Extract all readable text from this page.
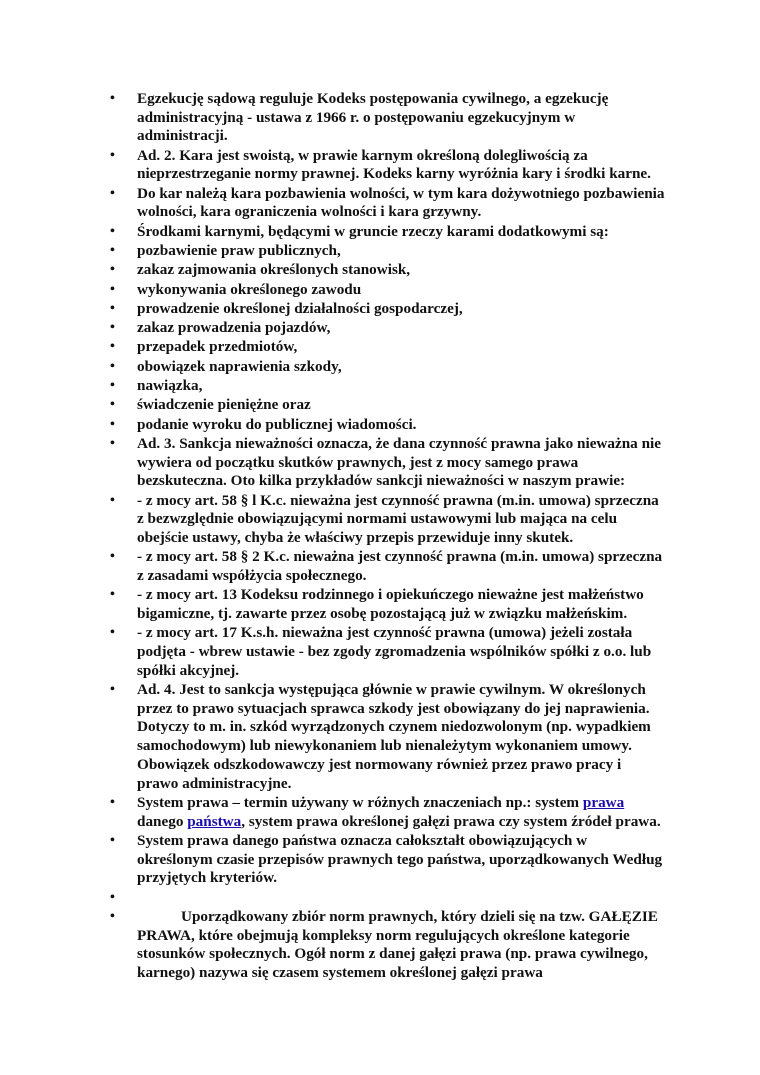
• Egzekucję sądową reguluje Kodeks postępowania cywilnego, a egzekucję administracyjną - ustawa z 1966 r. o postępowaniu egzekucyjnym w administracji.
• Ad. 2. Kara jest swoistą, w prawie karnym określoną dolegliwością za nieprzestrzeganie normy prawnej. Kodeks karny wyróżnia kary i środki karne.
• Do kar należą kara pozbawienia wolności, w tym kara dożywotniego pozbawienia wolności, kara ograniczenia wolności i kara grzywny.
• Środkami karnymi, będącymi w gruncie rzeczy karami dodatkowymi są:
• pozbawienie praw publicznych,
• zakaz zajmowania określonych stanowisk,
• wykonywania określonego zawodu
• prowadzenie określonej działalności gospodarczej,
• zakaz prowadzenia pojazdów,
• przepadek przedmiotów,
• obowiązek naprawienia szkody,
• nawiązka,
• świadczenie pieniężne oraz
• podanie wyroku do publicznej wiadomości.
• Ad. 3. Sankcja nieważności oznacza, że dana czynność prawna jako nieważna nie wywiera od początku skutków prawnych, jest z mocy samego prawa bezskuteczna. Oto kilka przykładów sankcji nieważności w naszym prawie:
• - z mocy art. 58 § l K.c. nieważna jest czynność prawna (m.in. umowa) sprzeczna z bezwzględnie obowiązującymi normami ustawowymi lub mająca na celu obejście ustawy, chyba że właściwy przepis przewiduje inny skutek.
• - z mocy art. 58 § 2 K.c. nieważna jest czynność prawna (m.in. umowa) sprzeczna z zasadami współżycia społecznego.
• - z mocy art. 13 Kodeksu rodzinnego i opiekuńczego nieważne jest małżeństwo bigamiczne, tj. zawarte przez osobę pozostającą już w związku małżeńskim.
• - z mocy art. 17 K.s.h. nieważna jest czynność prawna (umowa) jeżeli została podjęta - wbrew ustawie - bez zgody zgromadzenia wspólników spółki z o.o. lub spółki akcyjnej.
• Ad. 4. Jest to sankcja występująca głównie w prawie cywilnym. W określonych przez to prawo sytuacjach sprawca szkody jest obowiązany do jej naprawienia. Dotyczy to m. in. szkód wyrządzonych czynem niedozwolonym (np. wypadkiem samochodowym) lub niewykonaniem lub nienależytym wykonaniem umowy. Obowiązek odszkodowawczy jest normowany również przez prawo pracy i prawo administracyjne.
• System prawa – termin używany w różnych znaczeniach np.: system prawa danego państwa, system prawa określonej gałęzi prawa czy system źródeł prawa.
• System prawa danego państwa oznacza całokształt obowiązujących w określonym czasie przepisów prawnych tego państwa, uporządkowanych Według przyjętych kryteriów.
•
•	Uporządkowany zbiór norm prawnych, który dzieli się na tzw. GAŁĘZIE PRAWA, które obejmują kompleksy norm regulujących określone kategorie stosunków społecznych. Ogół norm z danej gałęzi prawa (np. prawa cywilnego, karnego) nazywa się czasem systemem określonej gałęzi prawa
